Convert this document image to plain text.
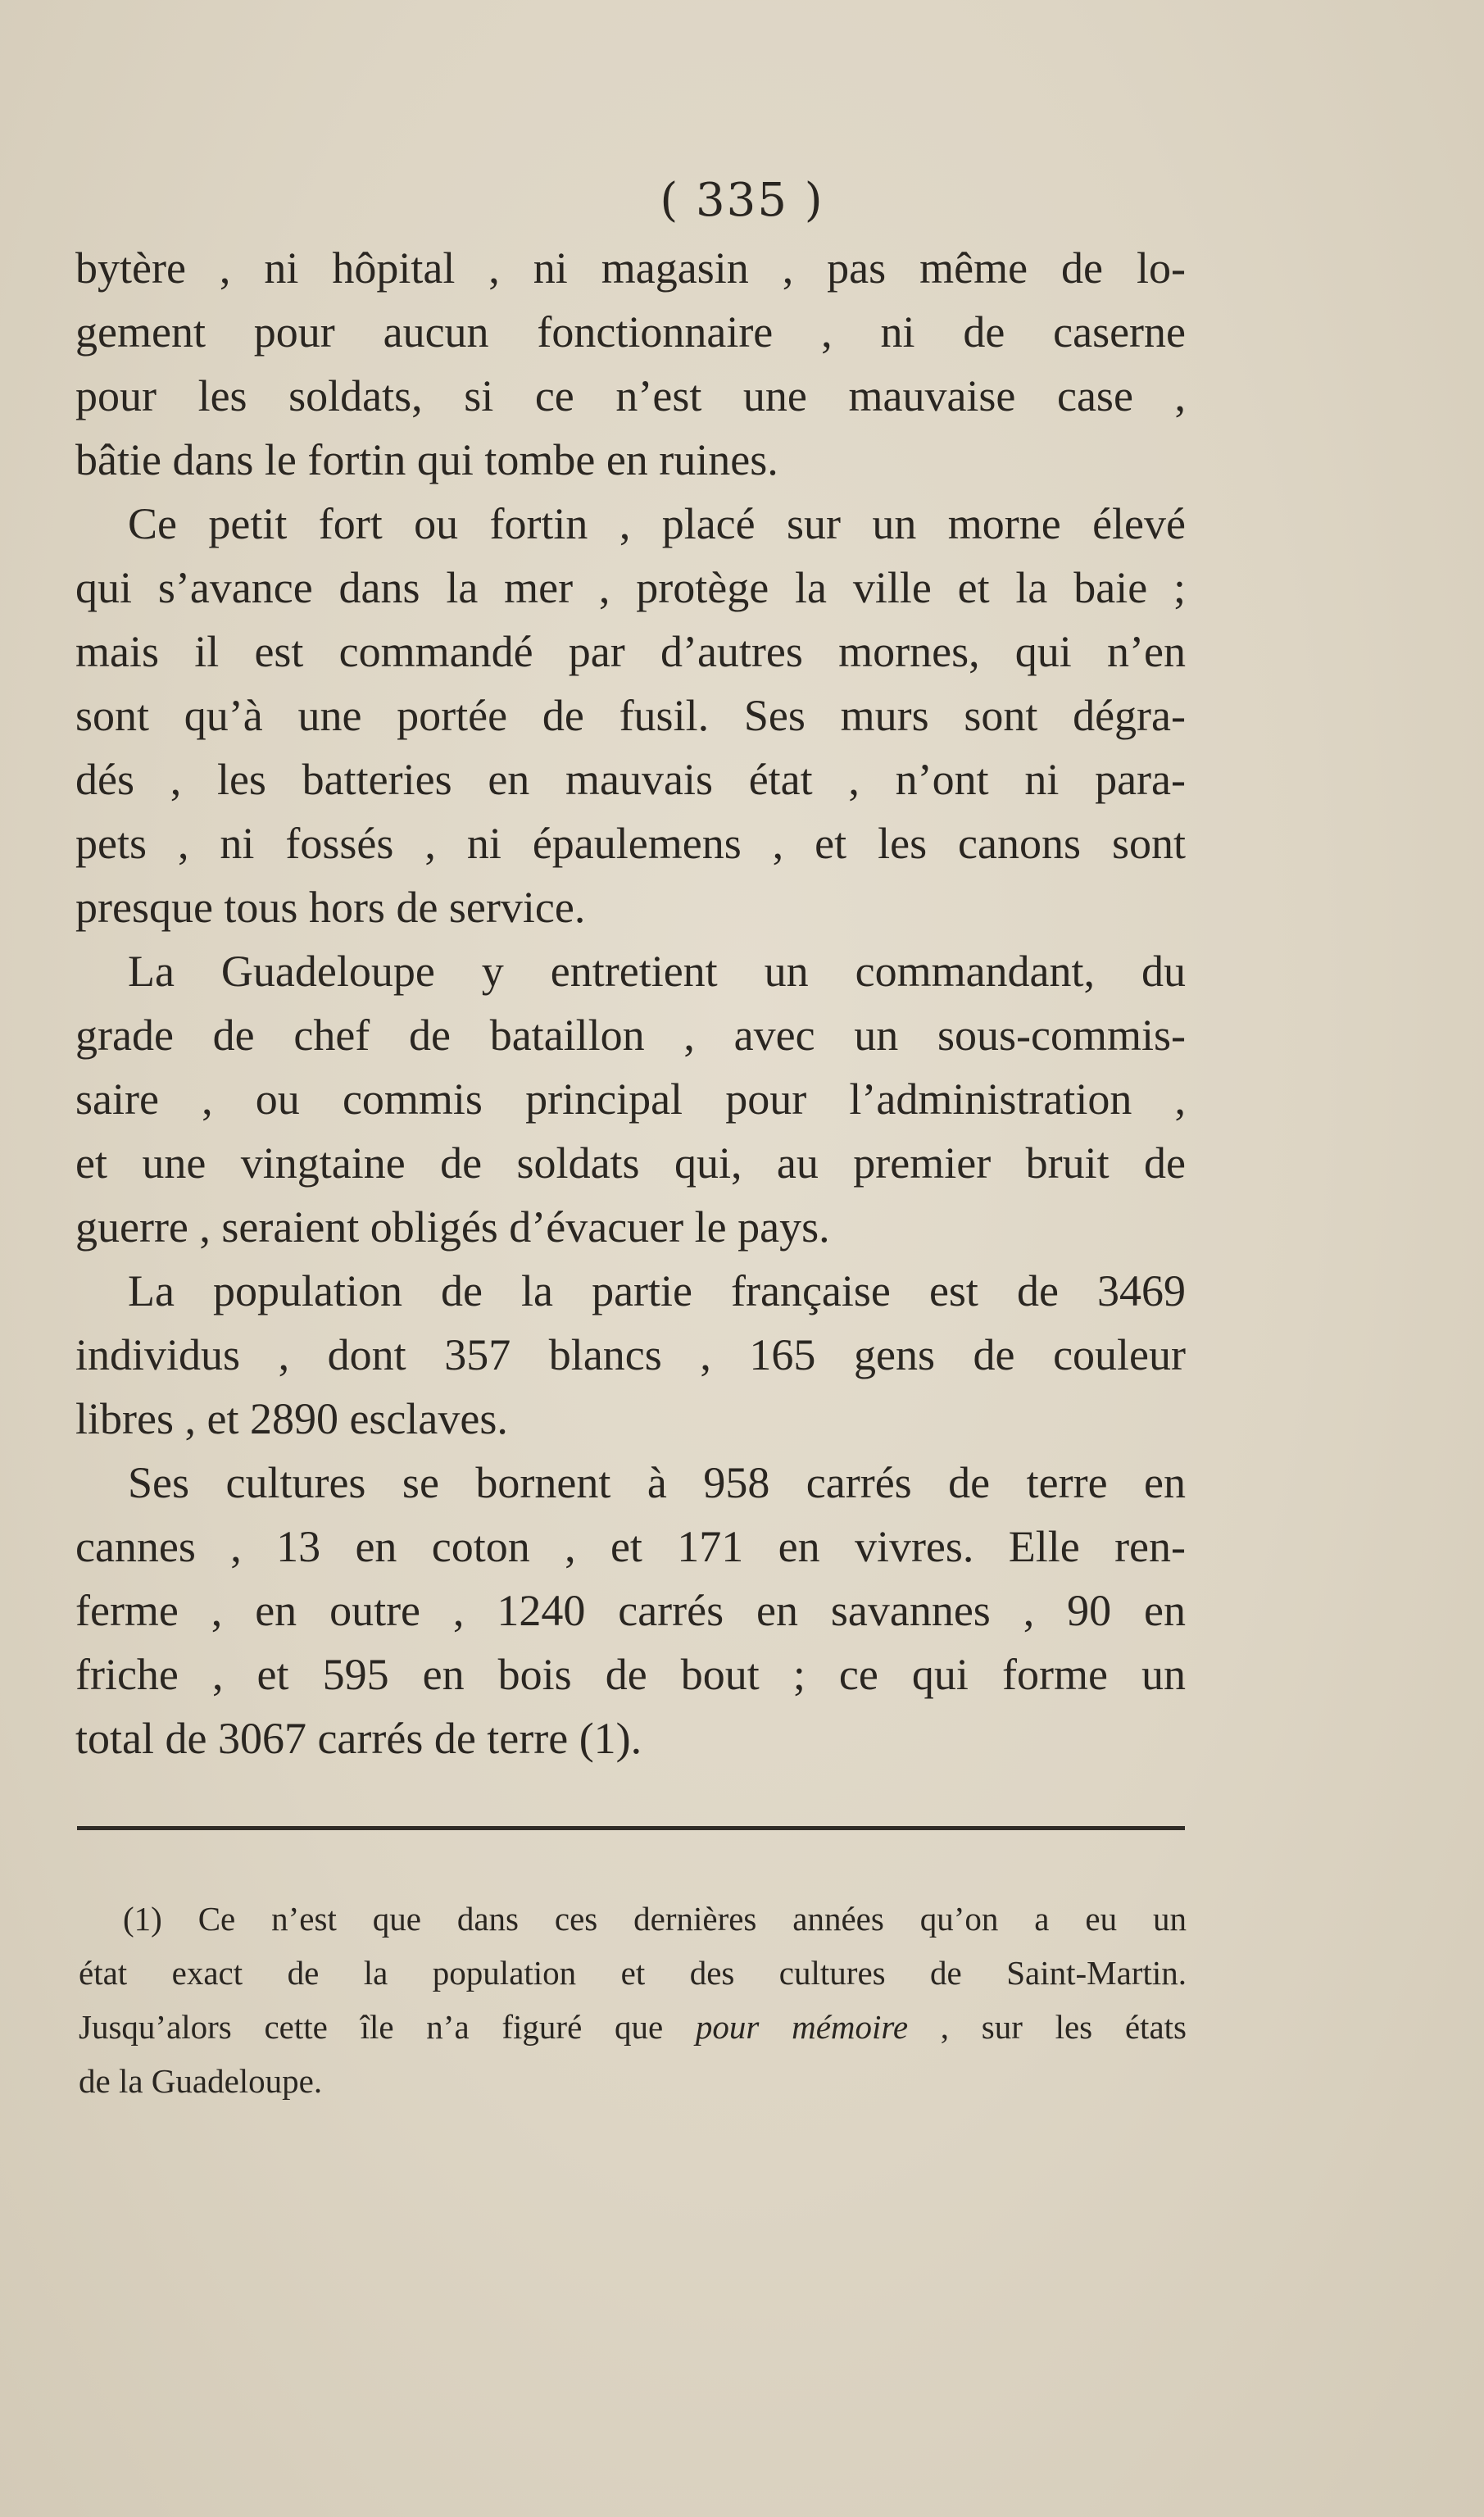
( 335 )
bytère , ni hôpital , ni magasin , pas même de lo-
gement pour aucun fonctionnaire , ni de caserne
pour les soldats, si ce n’est une mauvaise case ,
bâtie dans le fortin qui tombe en ruines.
Ce petit fort ou fortin , placé sur un morne élevé
qui s’avance dans la mer , protège la ville et la baie ;
mais il est commandé par d’autres mornes, qui n’en
sont qu’à une portée de fusil. Ses murs sont dégra-
dés , les batteries en mauvais état , n’ont ni para-
pets , ni fossés , ni épaulemens , et les canons sont
presque tous hors de service.
La Guadeloupe y entretient un commandant, du
grade de chef de bataillon , avec un sous-commis-
saire , ou commis principal pour l’administration ,
et une vingtaine de soldats qui, au premier bruit de
guerre , seraient obligés d’évacuer le pays.
La population de la partie française est de 3469
individus , dont 357 blancs , 165 gens de couleur
libres , et 2890 esclaves.
Ses cultures se bornent à 958 carrés de terre en
cannes , 13 en coton , et 171 en vivres. Elle ren-
ferme , en outre , 1240 carrés en savannes , 90 en
friche , et 595 en bois de bout ; ce qui forme un
total de 3067 carrés de terre (1).
(1) Ce n’est que dans ces dernières années qu’on a eu un
état exact de la population et des cultures de Saint-Martin.
Jusqu’alors cette île n’a figuré que pour mémoire , sur les états
de la Guadeloupe.
